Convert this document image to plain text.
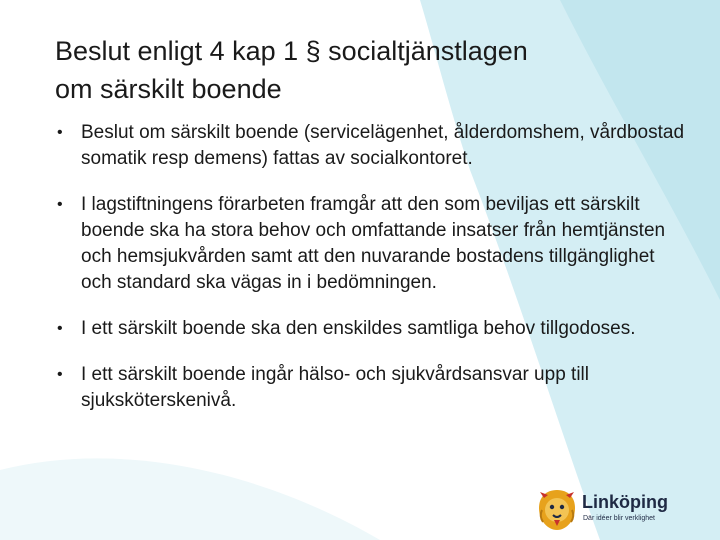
Beslut enligt 4 kap 1 § socialtjänstlagen
om särskilt boende
• Beslut om särskilt boende (servicelägenhet, ålderdomshem, vårdbostad somatik resp demens) fattas av socialkontoret.
• I lagstiftningens förarbeten framgår att den som beviljas ett särskilt boende ska ha stora behov och omfattande insatser från hemtjänsten och hemsjukvården samt att den nuvarande bostadens tillgänglighet och standard ska vägas in i bedömningen.
• I ett särskilt boende ska den enskildes samtliga behov tillgodoses.
• I ett särskilt boende ingår hälso- och sjukvårdsansvar upp till sjuksköterskenivå.
Linköping
Där idéer blir verklighet
